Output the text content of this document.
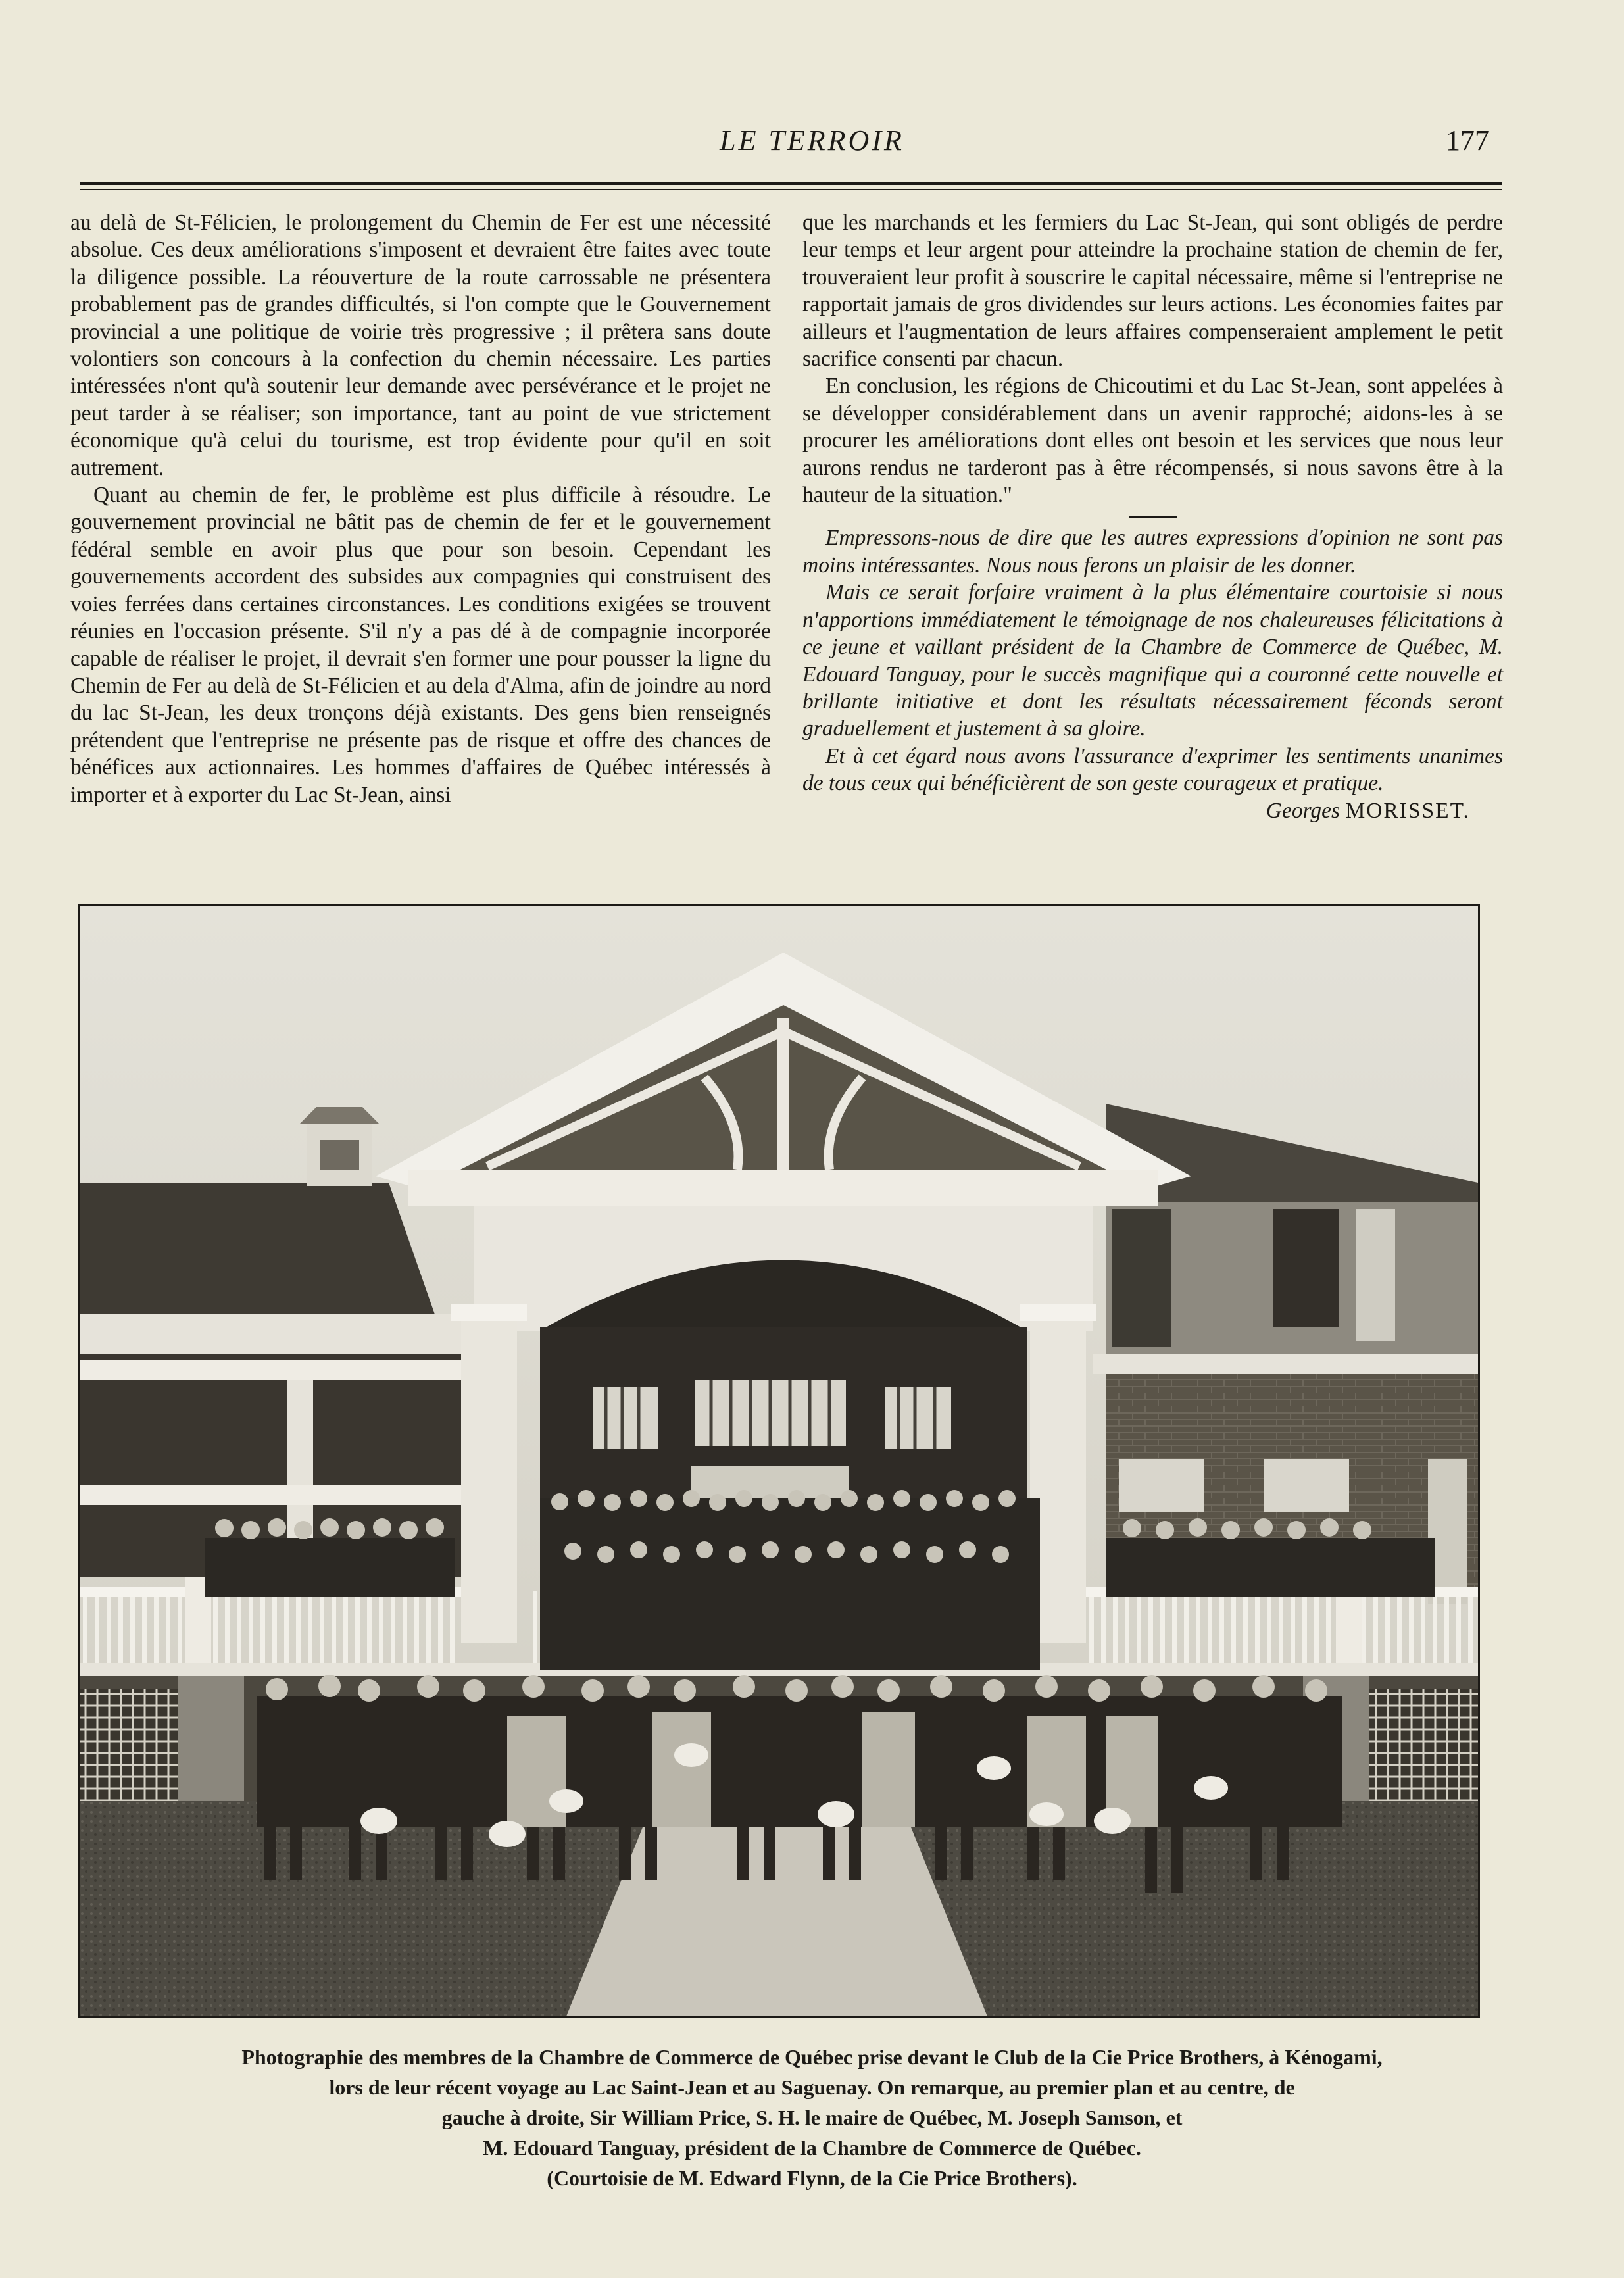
LE TERROIR	177

au delà de St-Félicien, le prolongement du Chemin de Fer est une nécessité absolue. Ces deux améliorations s'imposent et devraient être faites avec toute la diligence possible. La réouverture de la route carrossable ne présentera probablement pas de grandes difficultés, si l'on compte que le Gouvernement provincial a une politique de voirie très progressive ; il prêtera sans doute volontiers son concours à la confection du chemin nécessaire. Les parties intéressées n'ont qu'à soutenir leur demande avec persévérance et le projet ne peut tarder à se réaliser; son importance, tant au point de vue strictement économique qu'à celui du tourisme, est trop évidente pour qu'il en soit autrement.

Quant au chemin de fer, le problème est plus difficile à résoudre. Le gouvernement provincial ne bâtit pas de chemin de fer et le gouvernement fédéral semble en avoir plus que pour son besoin. Cependant les gouvernements accordent des subsides aux compagnies qui construisent des voies ferrées dans certaines circonstances. Les conditions exigées se trouvent réunies en l'occasion présente. S'il n'y a pas dé à de compagnie incorporée capable de réaliser le projet, il devrait s'en former une pour pousser la ligne du Chemin de Fer au delà de St-Félicien et au dela d'Alma, afin de joindre au nord du lac St-Jean, les deux tronçons déjà existants. Des gens bien renseignés prétendent que l'entreprise ne présente pas de risque et offre des chances de bénéfices aux actionnaires. Les hommes d'affaires de Québec intéressés à importer et à exporter du Lac St-Jean, ainsi

que les marchands et les fermiers du Lac St-Jean, qui sont obligés de perdre leur temps et leur argent pour atteindre la prochaine station de chemin de fer, trouveraient leur profit à souscrire le capital nécessaire, même si l'entreprise ne rapportait jamais de gros dividendes sur leurs actions. Les économies faites par ailleurs et l'augmentation de leurs affaires compenseraient amplement le petit sacrifice consenti par chacun.

En conclusion, les régions de Chicoutimi et du Lac St-Jean, sont appelées à se développer considérablement dans un avenir rapproché; aidons-les à se procurer les améliorations dont elles ont besoin et les services que nous leur aurons rendus ne tarderont pas à être récompensés, si nous savons être à la hauteur de la situation."

Empressons-nous de dire que les autres expressions d'opinion ne sont pas moins intéressantes. Nous nous ferons un plaisir de les donner.

Mais ce serait forfaire vraiment à la plus élémentaire courtoisie si nous n'apportions immédiatement le témoignage de nos chaleureuses félicitations à ce jeune et vaillant président de la Chambre de Commerce de Québec, M. Edouard Tanguay, pour le succès magnifique qui a couronné cette nouvelle et brillante initiative et dont les résultats nécessairement féconds seront graduellement et justement à sa gloire.

Et à cet égard nous avons l'assurance d'exprimer les sentiments unanimes de tous ceux qui bénéficièrent de son geste courageux et pratique.

Georges MORISSET.

Photographie des membres de la Chambre de Commerce de Québec prise devant le Club de la Cie Price Brothers, à Kénogami,
lors de leur récent voyage au Lac Saint-Jean et au Saguenay. On remarque, au premier plan et au centre, de
gauche à droite, Sir William Price, S. H. le maire de Québec, M. Joseph Samson, et
M. Edouard Tanguay, président de la Chambre de Commerce de Québec.
(Courtoisie de M. Edward Flynn, de la Cie Price Brothers).
